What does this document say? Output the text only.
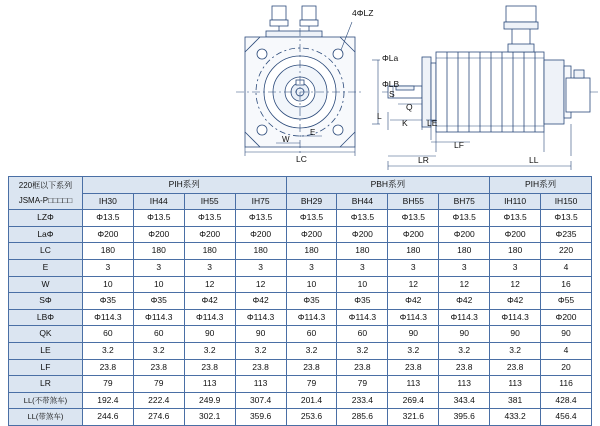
4ΦLZ
ΦLa
ΦLB
S
Q
K
L
LE
LF
LR	LL
LC
E
W
220框以下系列
JSMA-P□□□□□	PIH系列				PBH系列				PIH系列	
	IH30	IH44	IH55	IH75	BH29	BH44	BH55	BH75	IH110	IH150
LZΦ	Φ13.5	Φ13.5	Φ13.5	Φ13.5	Φ13.5	Φ13.5	Φ13.5	Φ13.5	Φ13.5	Φ13.5
LaΦ	Φ200	Φ200	Φ200	Φ200	Φ200	Φ200	Φ200	Φ200	Φ200	Φ235
LC	180	180	180	180	180	180	180	180	180	220
E	3	3	3	3	3	3	3	3	3	4
W	10	10	12	12	10	10	12	12	12	16
SΦ	Φ35	Φ35	Φ42	Φ42	Φ35	Φ35	Φ42	Φ42	Φ42	Φ55
LBΦ	Φ114.3	Φ114.3	Φ114.3	Φ114.3	Φ114.3	Φ114.3	Φ114.3	Φ114.3	Φ114.3	Φ200
QK	60	60	90	90	60	60	90	90	90	90
LE	3.2	3.2	3.2	3.2	3.2	3.2	3.2	3.2	3.2	4
LF	23.8	23.8	23.8	23.8	23.8	23.8	23.8	23.8	23.8	20
LR	79	79	113	113	79	79	113	113	113	116
LL(不带煞车)	192.4	222.4	249.9	307.4	201.4	233.4	269.4	343.4	381	428.4
LL(带煞车)	244.6	274.6	302.1	359.6	253.6	285.6	321.6	395.6	433.2	456.4
